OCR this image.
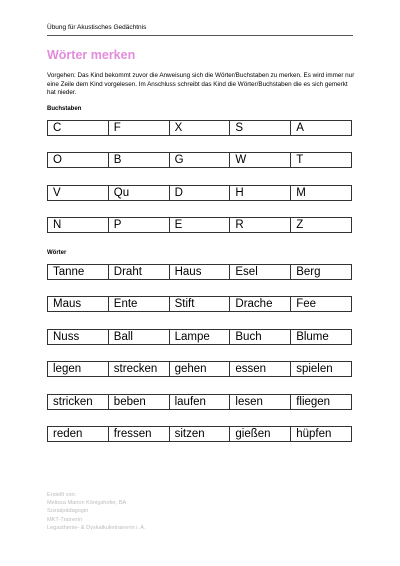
Übung für Akustisches Gedächtnis
Wörter merken
Vorgehen: Das Kind bekommt zuvor die Anweisung sich die Wörter/Buchstaben zu merken. Es wird immer nur eine Zeile dem Kind vorgelesen. Im Anschluss schreibt das Kind die Wörter/Buchstaben die es sich gemerkt hat nieder.
Buchstaben
C	F	X	S	A
O	B	G	W	T
V	Qu	D	H	M
N	P	E	R	Z
Wörter
Tanne	Draht	Haus	Esel	Berg
Maus	Ente	Stift	Drache	Fee
Nuss	Ball	Lampe	Buch	Blume
legen	strecken	gehen	essen	spielen
stricken	beben	laufen	lesen	fliegen
reden	fressen	sitzen	gießen	hüpfen
Erstellt von:
Melissa Marion Königshofer, BA
Sozialpädagogin
MKT-Trainerin
Legasthenie- & Dyskalkulietrainerin i. A.
